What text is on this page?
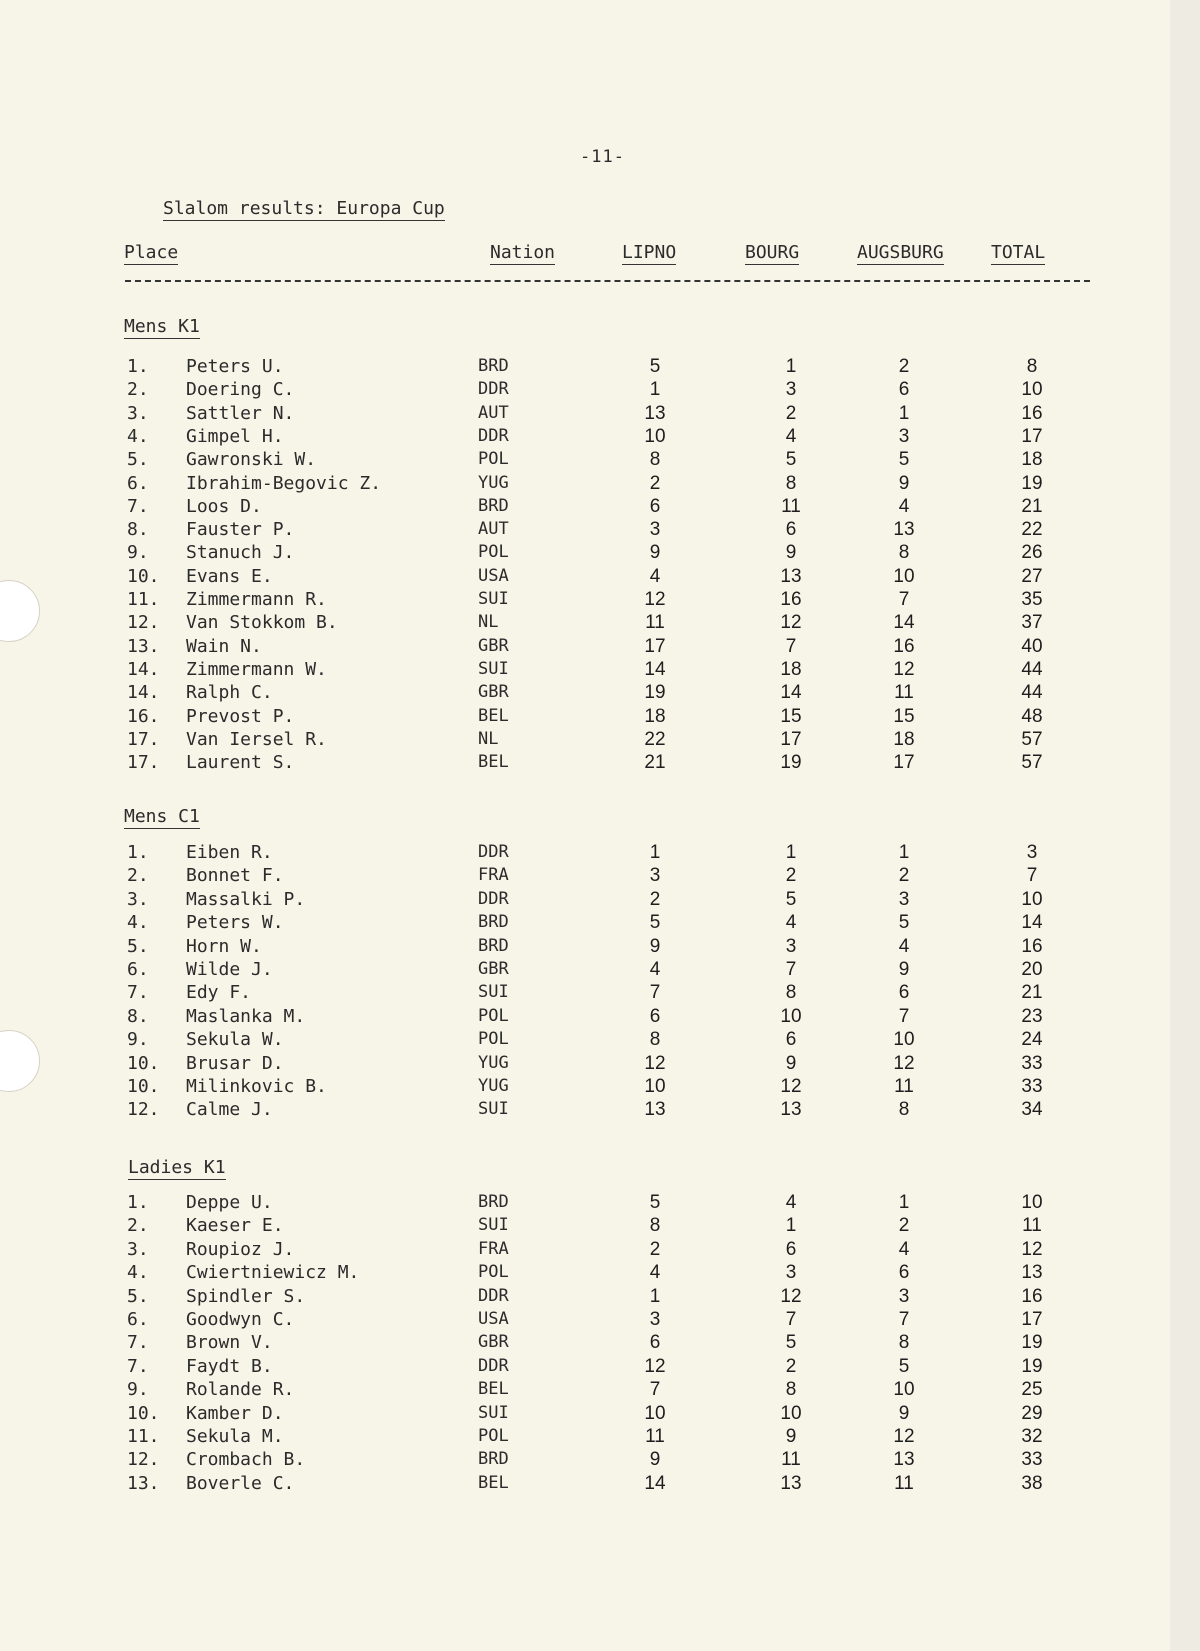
-11-
Slalom results: Europa Cup
Place	Nation	LIPNO	BOURG	AUGSBURG	TOTAL
Mens K1
1. Peters U.	BRD	5	1	2	8
2. Doering C.	DDR	1	3	6	10
3. Sattler N.	AUT	13	2	1	16
4. Gimpel H.	DDR	10	4	3	17
5. Gawronski W.	POL	8	5	5	18
6. Ibrahim-Begovic Z.	YUG	2	8	9	19
7. Loos D.	BRD	6	11	4	21
8. Fauster P.	AUT	3	6	13	22
9. Stanuch J.	POL	9	9	8	26
10. Evans E.	USA	4	13	10	27
11. Zimmermann R.	SUI	12	16	7	35
12. Van Stokkom B.	NL	11	12	14	37
13. Wain N.	GBR	17	7	16	40
14. Zimmermann W.	SUI	14	18	12	44
14. Ralph C.	GBR	19	14	11	44
16. Prevost P.	BEL	18	15	15	48
17. Van Iersel R.	NL	22	17	18	57
17. Laurent S.	BEL	21	19	17	57
Mens C1
1. Eiben R.	DDR	1	1	1	3
2. Bonnet F.	FRA	3	2	2	7
3. Massalki P.	DDR	2	5	3	10
4. Peters W.	BRD	5	4	5	14
5. Horn W.	BRD	9	3	4	16
6. Wilde J.	GBR	4	7	9	20
7. Edy F.	SUI	7	8	6	21
8. Maslanka M.	POL	6	10	7	23
9. Sekula W.	POL	8	6	10	24
10. Brusar D.	YUG	12	9	12	33
10. Milinkovic B.	YUG	10	12	11	33
12. Calme J.	SUI	13	13	8	34
Ladies K1
1. Deppe U.	BRD	5	4	1	10
2. Kaeser E.	SUI	8	1	2	11
3. Roupioz J.	FRA	2	6	4	12
4. Cwiertniewicz M.	POL	4	3	6	13
5. Spindler S.	DDR	1	12	3	16
6. Goodwyn C.	USA	3	7	7	17
7. Brown V.	GBR	6	5	8	19
7. Faydt B.	DDR	12	2	5	19
9. Rolande R.	BEL	7	8	10	25
10. Kamber D.	SUI	10	10	9	29
11. Sekula M.	POL	11	9	12	32
12. Crombach B.	BRD	9	11	13	33
13. Boverle C.	BEL	14	13	11	38
